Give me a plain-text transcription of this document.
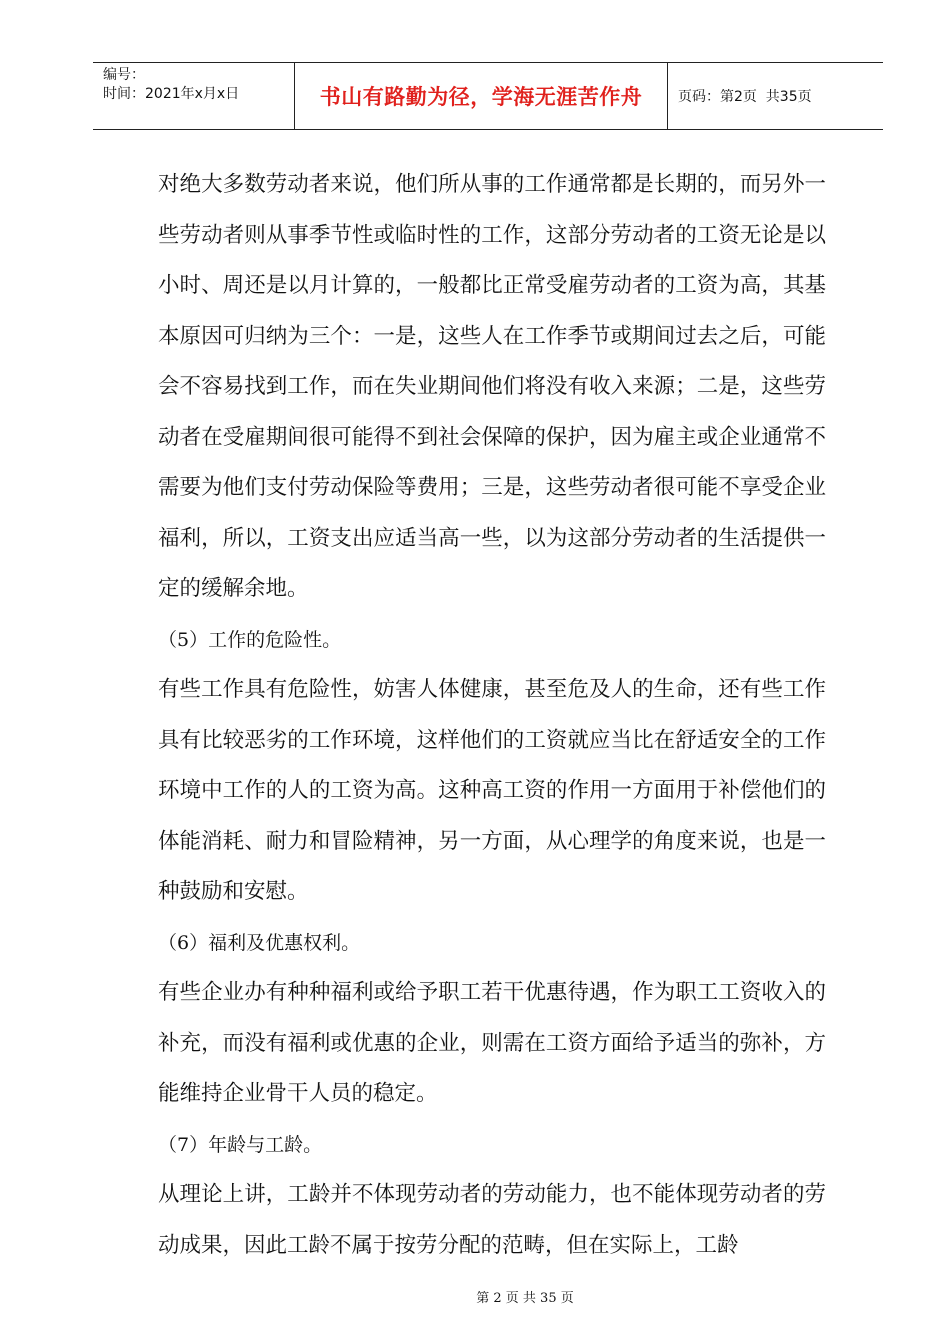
编号：
时间：2021年x月x日	书山有路勤为径，学海无涯苦作舟	页码：第2页  共35页

对绝大多数劳动者来说，他们所从事的工作通常都是长期的，而另外一些劳动者则从事季节性或临时性的工作，这部分劳动者的工资无论是以小时、周还是以月计算的，一般都比正常受雇劳动者的工资为高，其基本原因可归纳为三个：一是，这些人在工作季节或期间过去之后，可能会不容易找到工作，而在失业期间他们将没有收入来源；二是，这些劳动者在受雇期间很可能得不到社会保障的保护，因为雇主或企业通常不需要为他们支付劳动保险等费用；三是，这些劳动者很可能不享受企业福利，所以，工资支出应适当高一些，以为这部分劳动者的生活提供一定的缓解余地。

（5）工作的危险性。

有些工作具有危险性，妨害人体健康，甚至危及人的生命，还有些工作具有比较恶劣的工作环境，这样他们的工资就应当比在舒适安全的工作环境中工作的人的工资为高。这种高工资的作用一方面用于补偿他们的体能消耗、耐力和冒险精神，另一方面，从心理学的角度来说，也是一种鼓励和安慰。

（6）福利及优惠权利。

有些企业办有种种福利或给予职工若干优惠待遇，作为职工工资收入的补充，而没有福利或优惠的企业，则需在工资方面给予适当的弥补，方能维持企业骨干人员的稳定。

（7）年龄与工龄。

从理论上讲，工龄并不体现劳动者的劳动能力，也不能体现劳动者的劳动成果，因此工龄不属于按劳分配的范畴，但在实际上，工龄

第 2 页 共 35 页
